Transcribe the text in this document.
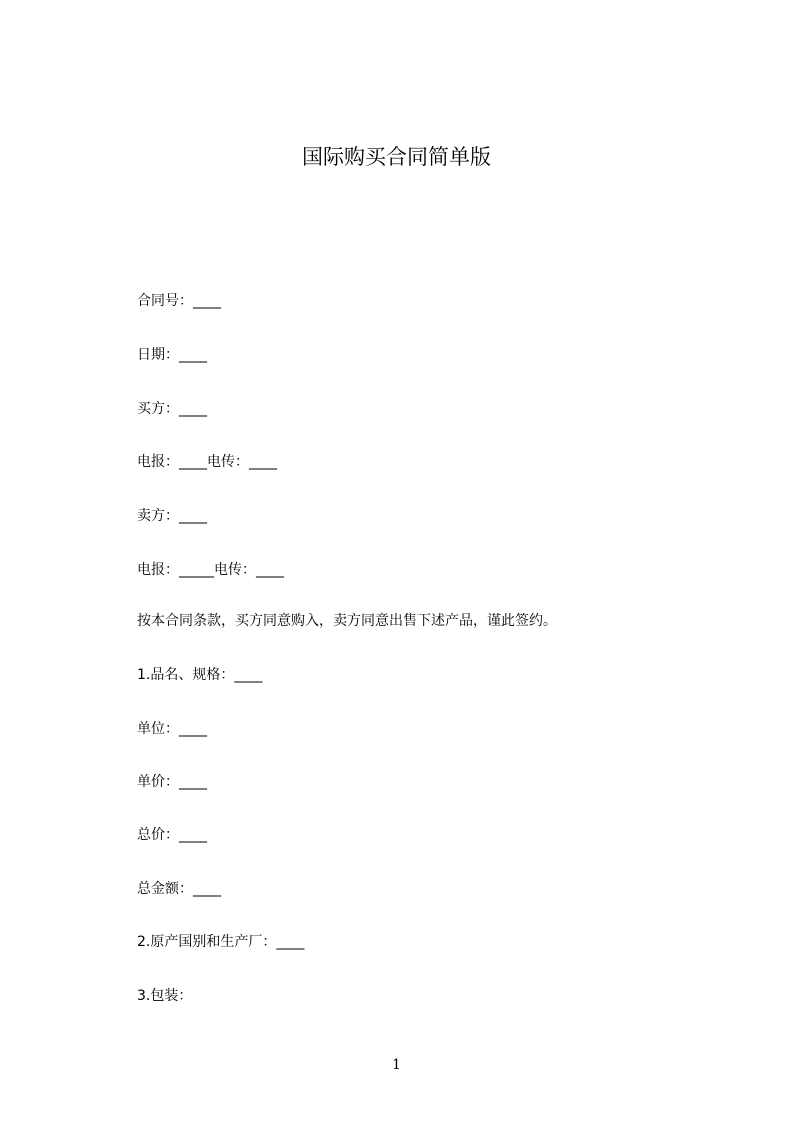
国际购买合同简单版
合同号：____
日期：____
买方：____
电报：____电传：____
卖方：____
电报：_____电传：____
按本合同条款，买方同意购入，卖方同意出售下述产品，谨此签约。
1.品名、规格：____
单位：____
单价：____
总价：____
总金额：____
2.原产国别和生产厂：____
3.包装：
1
